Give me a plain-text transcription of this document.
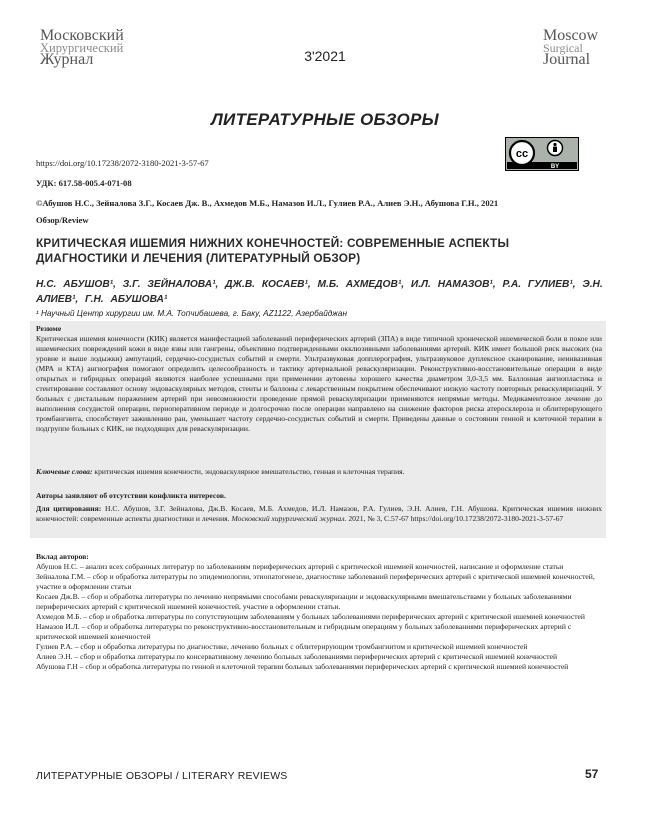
Московский
Хирургический
Журнал	3'2021
Moscow
Surgical
Journal
ЛИТЕРАТУРНЫЕ ОБЗОРЫ
https://doi.org/10.17238/2072-3180-2021-3-57-67
cc
BY
УДК: 617.58-005.4-071-08
©Абушов Н.С., Зейналова З.Г., Косаев Дж. В., Ахмедов М.Б., Намазов И.Л., Гулиев Р.А., Алиев Э.Н., Абушова Г.Н., 2021
Обзор/Review
КРИТИЧЕСКАЯ ИШЕМИЯ НИЖНИХ КОНЕЧНОСТЕЙ: СОВРЕМЕННЫЕ АСПЕКТЫ ДИАГНОСТИКИ И ЛЕЧЕНИЯ (ЛИТЕРАТУРНЫЙ ОБЗОР)
Н.С. АБУШОВ¹, З.Г. ЗЕЙНАЛОВА¹, ДЖ.В. КОСАЕВ¹, М.Б. АХМЕДОВ¹, И.Л. НАМАЗОВ¹, Р.А. ГУЛИЕВ¹, Э.Н. АЛИЕВ¹, Г.Н. АБУШОВА¹
¹ Научный Центр хирургии им. М.А. Топчибашева, г. Баку, AZ1122, Азербайджан
Резюме
Критическая ишемия конечности (КИК) является манифестацией заболеваний периферических артерий (ЗПА) в виде типичной хронической ишемической боли в покое или ишемических повреждений кожи в виде язвы или гангрены, объективно подтвержденными окклюзивными заболеваниями артерий. КИК имеет большой риск высоких (на уровне и выше лодыжки) ампутаций, сердечно-сосудистых событий и смерти. Ультразвуковая допплерография, ультразвуковое дуплексное сканирование, неинвазивная (МРА и КТА) ангиография помогают определить целесообразность и тактику артериальной реваскуляризации. Реконструктивно-восстановительные операции в виде открытых и гибридных операций являются наиболее успешными при применении аутовены хорошего качества диаметром 3,0-3,5 мм. Баллонная ангиопластика и стентирование составляют основу эндоваскулярных методов, стенты и баллоны с лекарственным покрытием обеспечивают низкую частоту повторных реваскуляризаций. У больных с дистальным поражением артерий при невозможности проведение прямой реваскуляризации применяются непрямые методы. Медикаментозное лечение до выполнения сосудистой операции, периоперативном периоде и долгосрочно после операции направлено на снижение факторов риска атеросклероза и облитерирующего тромбангиита, способствует заживлению ран, уменьшает частоту сердечно-сосудистых событий и смерти. Приведены данные о состоянии генной и клеточной терапии в подгруппе больных с КИК, не подходящих для реваскуляризации.
Ключевые слова: критическая ишемия конечности, эндоваскулярное вмешательство, генная и клеточная терапия.
Авторы заявляют об отсутствии конфликта интересов.
Для цитирования: Н.С. Абушов, З.Г. Зейналова, Дж.В. Косаев, М.Б. Ахмедов, И.Л. Намазов, Р.А. Гулиев, Э.Н. Алиев, Г.Н. Абушова. Критическая ишемия нижних конечностей: современные аспекты диагностики и лечения. Московский хирургический журнал. 2021, № 3, С.57-67 https://doi.org/10.17238/2072-3180-2021-3-57-67
Вклад авторов:
Абушов Н.С. – анализ всех собранных литератур по заболеваниям периферических артерий с критической ишемией конечностей, написание и оформление статьи
Зейналова Г.М. – сбор и обработка литературы по эпидемиологии, этиопатогенезе, диагностике заболеваний периферических артерий с критической ишемией конечностей, участие в оформлении статьи
Косаев Дж.В. – сбор и обработка литературы по лечению непрямыми способами реваскуляризации и эндоваскулярными вмешательствами у больных заболеваниями периферических артерий с критической ишемией конечностей, участие в оформлении статьи.
Ахмедов М.Б. – сбор и обработка литературы по сопутствующим заболеваниям у больных заболеваниями периферических артерий с критической ишемией конечностей
Намазов И.Л. – сбор и обработка литературы по реконструктивно-восстановительным и гибридным операциям у больных заболеваниями периферических артерий с критической ишемией конечностей
Гулиев Р.А. – сбор и обработка литературы по диагностике, лечению больных с облитерирующим тромбангиитом и критической ишемией конечностей
Алиев Э.Н. – сбор и обработка литературы по консервативному лечению больных заболеваниями периферических артерий с критической ишемией конечностей
Абушова Г.Н – сбор и обработка литературы по генной и клеточной терапии больных заболеваниями периферических артерий с критической ишемией конечностей
ЛИТЕРАТУРНЫЕ ОБЗОРЫ / LITERARY REVIEWS	57
